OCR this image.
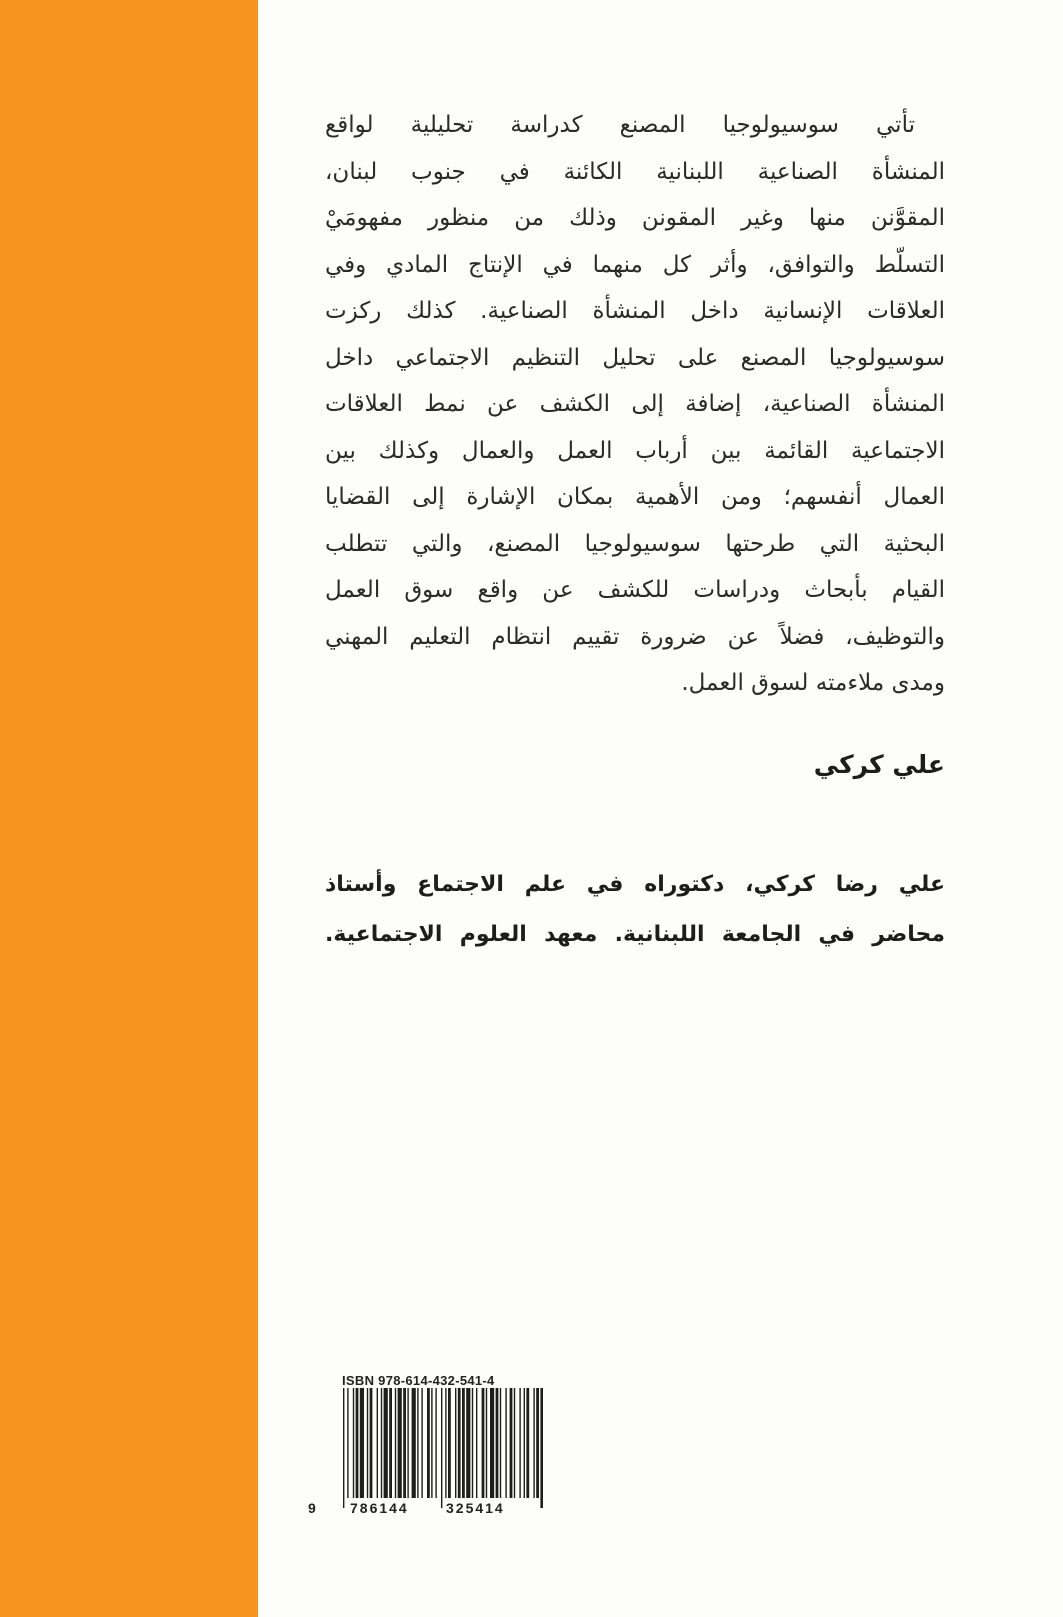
تأتي سوسيولوجيا المصنع كدراسة تحليلية لواقع
المنشأة الصناعية اللبنانية الكائنة في جنوب لبنان،
المقوَّنن منها وغير المقونن وذلك من منظور مفهومَيْ
التسلّط والتوافق، وأثر كل منهما في الإنتاج المادي وفي
العلاقات الإنسانية داخل المنشأة الصناعية. كذلك ركزت
سوسيولوجيا المصنع على تحليل التنظيم الاجتماعي داخل
المنشأة الصناعية، إضافة إلى الكشف عن نمط العلاقات
الاجتماعية القائمة بين أرباب العمل والعمال وكذلك بين
العمال أنفسهم؛ ومن الأهمية بمكان الإشارة إلى القضايا
البحثية التي طرحتها سوسيولوجيا المصنع، والتي تتطلب
القيام بأبحاث ودراسات للكشف عن واقع سوق العمل
والتوظيف، فضلاً عن ضرورة تقييم انتظام التعليم المهني
ومدى ملاءمته لسوق العمل.
علي كركي
علي رضا كركي، دكتوراه في علم الاجتماع وأستاذ
محاضر في الجامعة اللبنانية. معهد العلوم الاجتماعية.
ISBN 978-614-432-541-4
9 786144	325414
